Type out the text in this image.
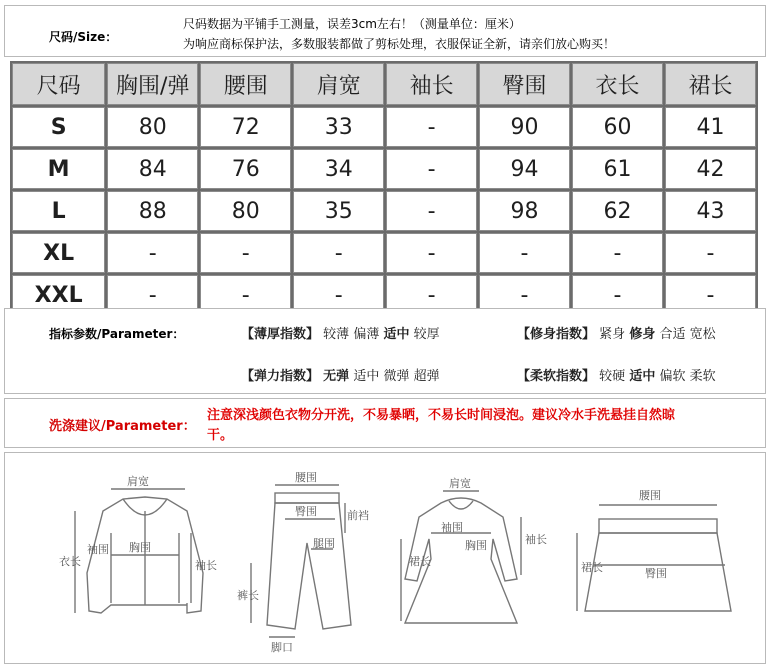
尺码/Size：
尺码数据为平铺手工测量，误差3cm左右！（测量单位：厘米）
为响应商标保护法，多数服装都做了剪标处理，衣服保证全新，请亲们放心购买！
尺码	胸围/弹	腰围	肩宽	袖长	臀围	衣长	裙长
S	80	72	33	-	90	60	41
M	84	76	34	-	94	61	42
L	88	80	35	-	98	62	43
XL	-	-	-	-	-	-	-
XXL	-	-	-	-	-	-	-
指标参数/Parameter：	【薄厚指数】 较薄 偏薄 适中 较厚	【修身指数】 紧身 修身 合适 宽松
【弹力指数】 无弹 适中 微弹 超弹	【柔软指数】 较硬 适中 偏软 柔软
洗涤建议/Parameter：
注意深浅颜色衣物分开洗，不易暴晒，不易长时间浸泡。建议冷水手洗悬挂自然晾
干。
肩宽
衣长
袖围 胸围
袖长
腰围
臀围	前裆
腿围
裤长
脚口
肩宽
袖围
胸围	袖长
裙长
腰围
臀围
裙长
